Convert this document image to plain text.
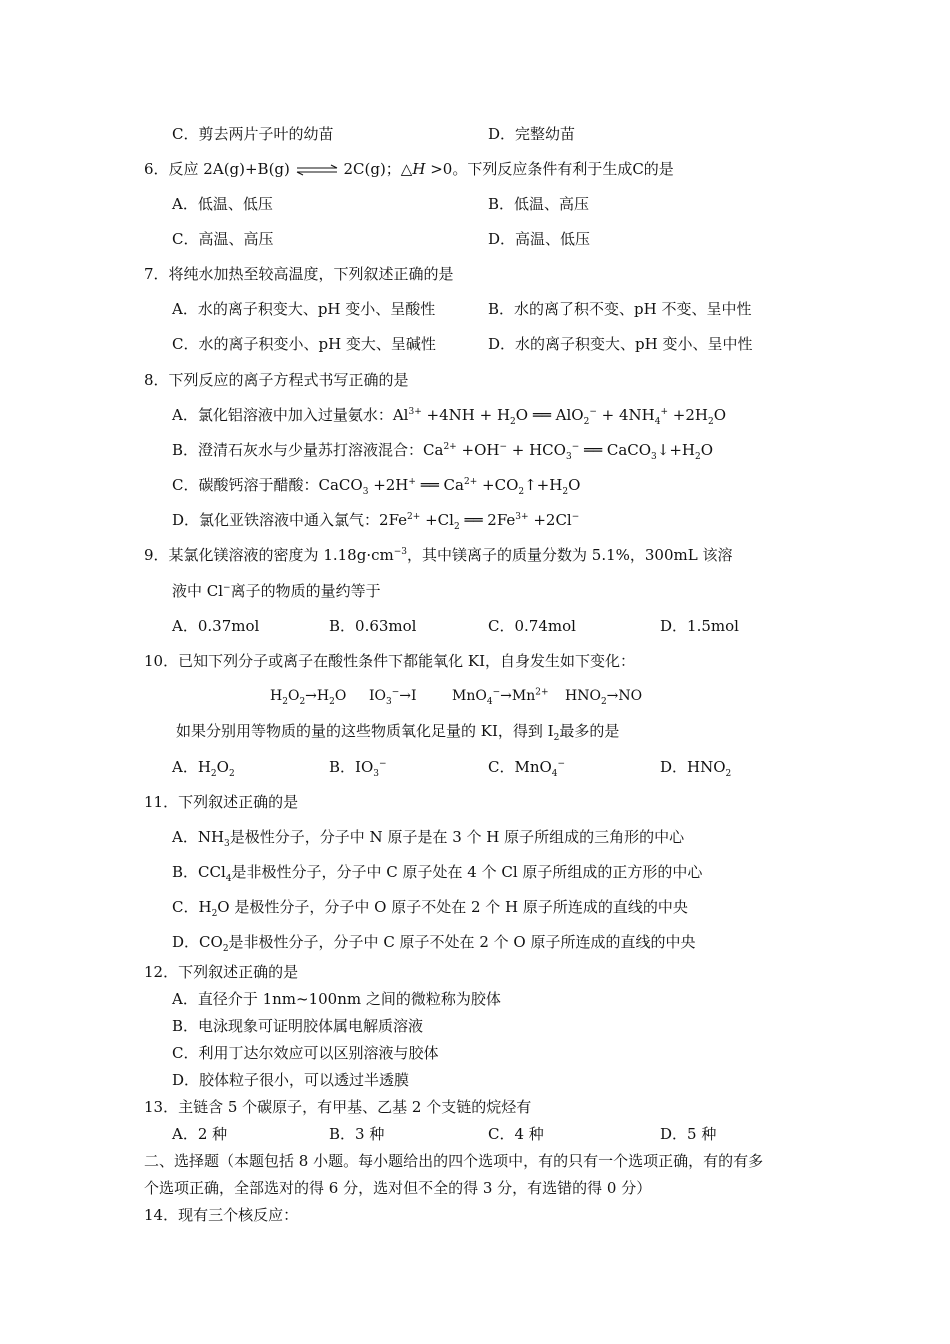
C．剪去两片子叶的幼苗	D．完整幼苗
6．反应 2A(g)+B(g) ⇌ 2C(g)；△H >0。下列反应条件有利于生成C的是
A．低温、低压	B．低温、高压
C．高温、高压	D．高温、低压
7．将纯水加热至较高温度，下列叙述正确的是
A．水的离子积变大、pH 变小、呈酸性	B．水的离了积不变、pH 不变、呈中性
C．水的离子积变小、pH 变大、呈碱性	D．水的离子积变大、pH 变小、呈中性
8．下列反应的离子方程式书写正确的是
A．氯化铝溶液中加入过量氨水：$Al^{3+} +4NH + H_2O$ ══ $AlO_2^- + 4NH_4^+ +2H_2O$
B．澄清石灰水与少量苏打溶液混合：$Ca^{2+} +OH^- + HCO_3^-$ ══ $CaCO_3↓+H_2O$
C．碳酸钙溶于醋酸：CaCO$_3$ +2H+ ══ $Ca^{2+}$ $+CO_2↑+H_2O$
D．氯化亚铁溶液中通入氯气：$2Fe^{2+} +Cl_2$ ══ $2Fe^{3+} +2Cl^-$
9．某氯化镁溶液的密度为 $1.18g\cdot cm^{-3}$，其中镁离子的质量分数为 5.1%，300mL 该溶
液中 Cl−离子的物质的量约等于
A．0.37mol	B．0.63mol	C．0.74mol	D．1.5mol
10．已知下列分子或离子在酸性条件下都能氧化 KI，自身发生如下变化：
$H_2O_2\to H_2O$ $IO_3^-\to I$	$MnO_4^-\to Mn^{2+}$ $HNO_2\to NO$
如果分别用等物质的量的这些物质氧化足量的 KI，得到 $I_2$最多的是
A．$H_2O_2$	B．$IO_3^-$	C．MnO$_4$−	D．$HNO_2$
11．下列叙述正确的是
A．$NH_3$是极性分子，分子中 N 原子是在 3 个 H 原子所组成的三角形的中心
B．CCl$_4$是非极性分子，分子中 C 原子处在 4 个 Cl 原子所组成的正方形的中心
C．$H_2O$ 是极性分子，分子中 O 原子不处在 2 个 H 原子所连成的直线的中央
D．$CO_2$是非极性分子，分子中 C 原子不处在 2 个 O 原子所连成的直线的中央
12．下列叙述正确的是
A．直径介于 1nm~100nm 之间的微粒称为胶体
B．电泳现象可证明胶体属电解质溶液
C．利用丁达尔效应可以区别溶液与胶体
D．胶体粒子很小，可以透过半透膜
13．主链含 5 个碳原子，有甲基、乙基 2 个支链的烷烃有
A．2 种	B．3 种	C．4 种	D．5 种
二、选择题（本题包括 8 小题。每小题给出的四个选项中，有的只有一个选项正确，有的有多
个选项正确，全部选对的得 6 分，选对但不全的得 3 分，有选错的得 0 分）
14．现有三个核反应：
